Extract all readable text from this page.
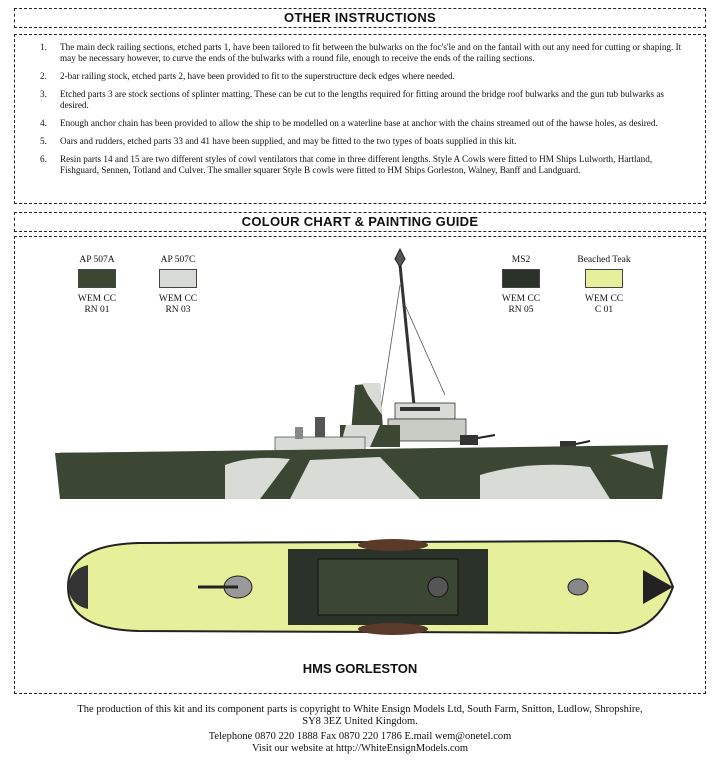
OTHER INSTRUCTIONS
1. The main deck railing sections, etched parts 1, have been tailored to fit between the bulwarks on the foc's'le and on the fantail with out any need for cutting or shaping. It may be necessary however, to curve the ends of the bulwarks with a round file, enough to receive the ends of the railing sections.
2. 2-bar railing stock, etched parts 2, have been provided to fit to the superstructure deck edges where needed.
3. Etched parts 3 are stock sections of splinter matting. These can be cut to the lengths required for fitting around the bridge roof bulwarks and the gun tub bulwarks as desired.
4. Enough anchor chain has been provided to allow the ship to be modelled on a waterline base at anchor with the chains streamed out of the hawse holes, as desired.
5. Oars and rudders, etched parts 33 and 41 have been supplied, and may be fitted to the two types of boats supplied in this kit.
6. Resin parts 14 and 15 are two different styles of cowl ventilators that come in three different lengths. Style A Cowls were fitted to HM Ships Lulworth, Hartland, Fishguard, Sennen, Totland and Culver. The smaller squarer Style B cowls were fitted to HM Ships Gorleston, Walney, Banff and Landguard.
COLOUR CHART & PAINTING GUIDE
AP 507A
WEM CC
RN 01
AP 507C
WEM CC
RN 03
MS2
WEM CC
RN 05
Beached Teak
WEM CC
C 01
Y92
HMS GORLESTON
The production of this kit and its component parts is copyright to White Ensign Models Ltd, South Farm, Snitton, Ludlow, Shropshire,
SY8 3EZ United Kingdom.
Telephone 0870 220 1888 Fax 0870 220 1786 E.mail wem@onetel.com
Visit our website at http://WhiteEnsignModels.com
